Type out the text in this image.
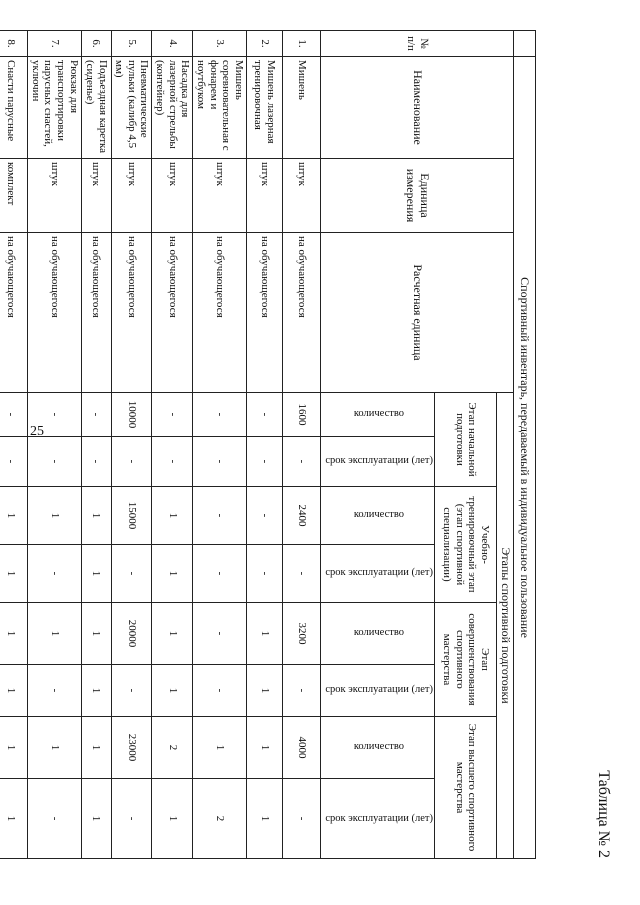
25
Таблица № 2
	Спортивный инвентарь, передаваемый в индивидуальное пользование										
№ п/п	Наименование	Единица измерения	Расчетная единица	Этапы спортивной подготовки							
				Этап начальной подготовки		Учебно-тренировочный этап (этап спортивной специализации)		Этап совершенствования спортивного мастерства		Этап высшего спортивного мастерства	
				количество	срок эксплуатации (лет)	количество	срок эксплуатации (лет)	количество	срок эксплуатации (лет)	количество	срок эксплуатации (лет)
1.	Мишень	штук	на обучающегося	1600	-	2400	-	3200	-	4000	-
2.	Мишень лазерная тренировочная	штук	на обучающегося	-	-	-	-	1	1	1	1
3.	Мишень соревновательная с фонарем и ноутбуком	штук	на обучающегося	-	-	-	-	-	-	1	2
4.	Насадка для лазерной стрельбы (контейнер)	штук	на обучающегося	-	-	1	1	1	1	2	1
5.	Пневматические пульки (калибр 4,5 мм)	штук	на обучающегося	10000	-	15000	-	20000	-	23000	-
6.	Подъездная каретка (сиденье)	штук	на обучающегося	-	-	1	1	1	1	1	1
7.	Рюкзак для транспортировки парусных снастей, уключин	штук	на обучающегося	-	-	1	-	1	-	1	-
8.	Снасти парусные	комплект	на обучающегося	-	-	1	1	1	1	1	1
